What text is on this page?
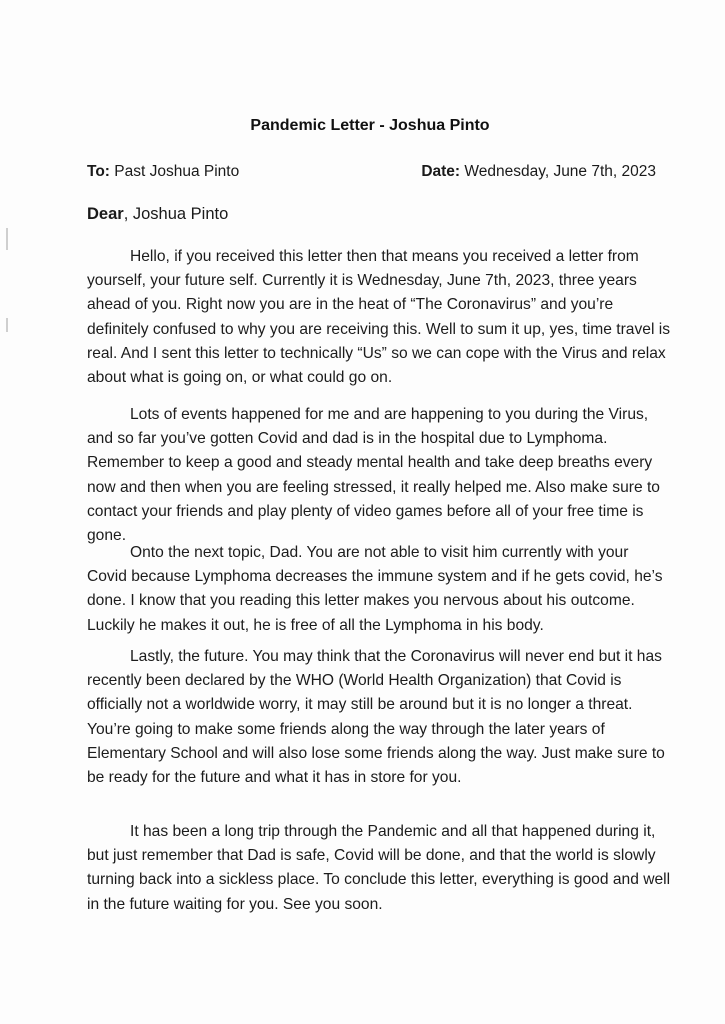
Pandemic Letter - Joshua Pinto
To: Past Joshua Pinto	Date: Wednesday, June 7th, 2023
Dear, Joshua Pinto

Hello, if you received this letter then that means you received a letter from yourself, your future self. Currently it is Wednesday, June 7th, 2023, three years ahead of you. Right now you are in the heat of “The Coronavirus” and you’re definitely confused to why you are receiving this. Well to sum it up, yes, time travel is real. And I sent this letter to technically “Us” so we can cope with the Virus and relax about what is going on, or what could go on.

Lots of events happened for me and are happening to you during the Virus, and so far you’ve gotten Covid and dad is in the hospital due to Lymphoma. Remember to keep a good and steady mental health and take deep breaths every now and then when you are feeling stressed, it really helped me. Also make sure to contact your friends and play plenty of video games before all of your free time is gone.

Onto the next topic, Dad. You are not able to visit him currently with your Covid because Lymphoma decreases the immune system and if he gets covid, he’s done. I know that you reading this letter makes you nervous about his outcome. Luckily he makes it out, he is free of all the Lymphoma in his body.

Lastly, the future. You may think that the Coronavirus will never end but it has recently been declared by the WHO (World Health Organization) that Covid is officially not a worldwide worry, it may still be around but it is no longer a threat. You’re going to make some friends along the way through the later years of Elementary School and will also lose some friends along the way. Just make sure to be ready for the future and what it has in store for you.

It has been a long trip through the Pandemic and all that happened during it, but just remember that Dad is safe, Covid will be done, and that the world is slowly turning back into a sickless place. To conclude this letter, everything is good and well in the future waiting for you. See you soon.
